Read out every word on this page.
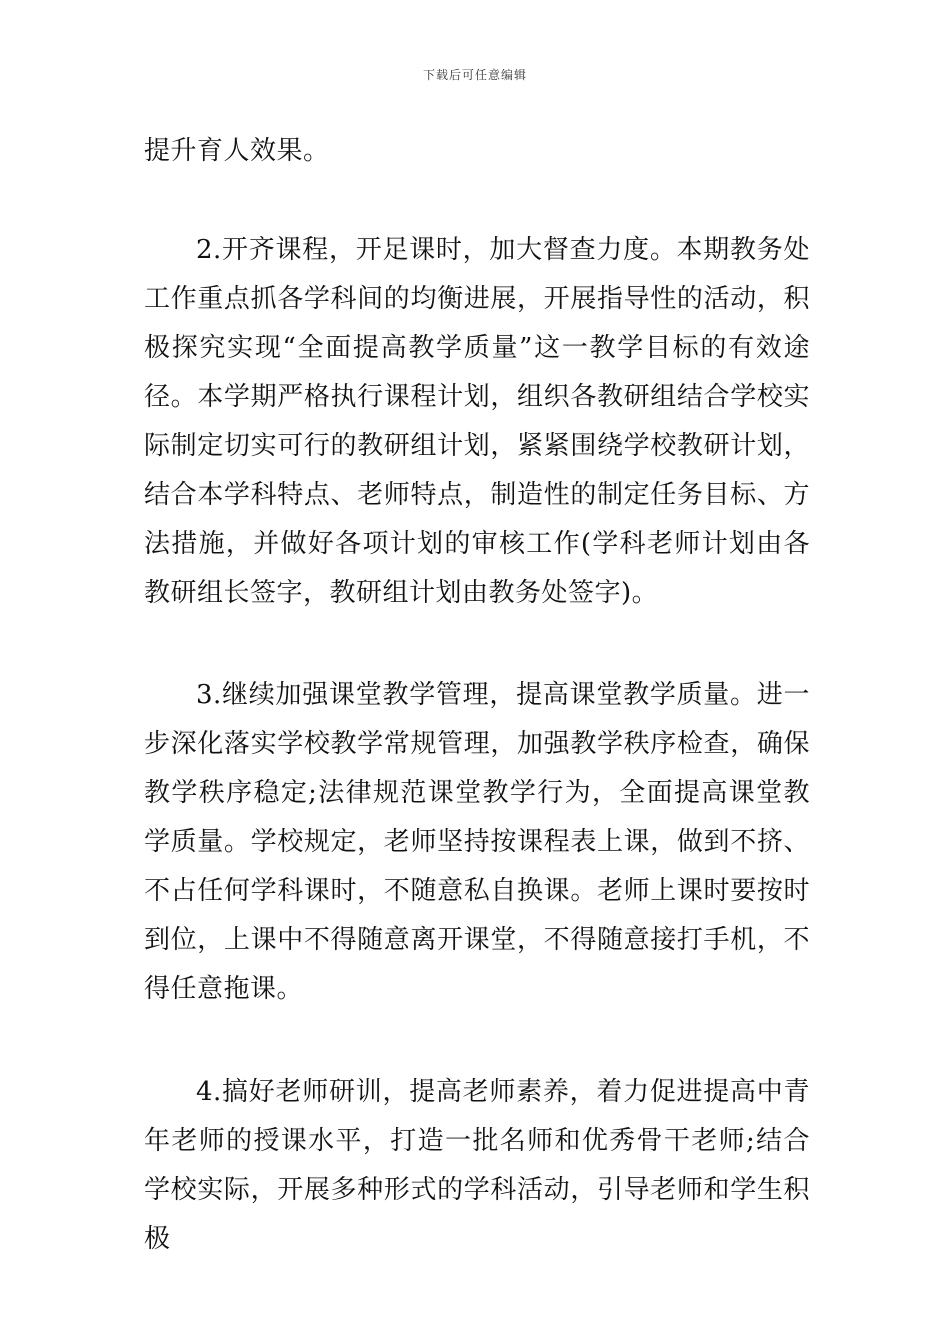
下载后可任意编辑

提升育人效果。

2.开齐课程，开足课时，加大督查力度。本期教务处工作重点抓各学科间的均衡进展，开展指导性的活动，积极探究实现“全面提高教学质量”这一教学目标的有效途径。本学期严格执行课程计划，组织各教研组结合学校实际制定切实可行的教研组计划，紧紧围绕学校教研计划，结合本学科特点、老师特点，制造性的制定任务目标、方法措施，并做好各项计划的审核工作(学科老师计划由各教研组长签字，教研组计划由教务处签字)。

3.继续加强课堂教学管理，提高课堂教学质量。进一步深化落实学校教学常规管理，加强教学秩序检查，确保教学秩序稳定;法律规范课堂教学行为，全面提高课堂教学质量。学校规定，老师坚持按课程表上课，做到不挤、不占任何学科课时，不随意私自换课。老师上课时要按时到位，上课中不得随意离开课堂，不得随意接打手机，不得任意拖课。

4.搞好老师研训，提高老师素养，着力促进提高中青年老师的授课水平，打造一批名师和优秀骨干老师;结合学校实际，开展多种形式的学科活动，引导老师和学生积极
